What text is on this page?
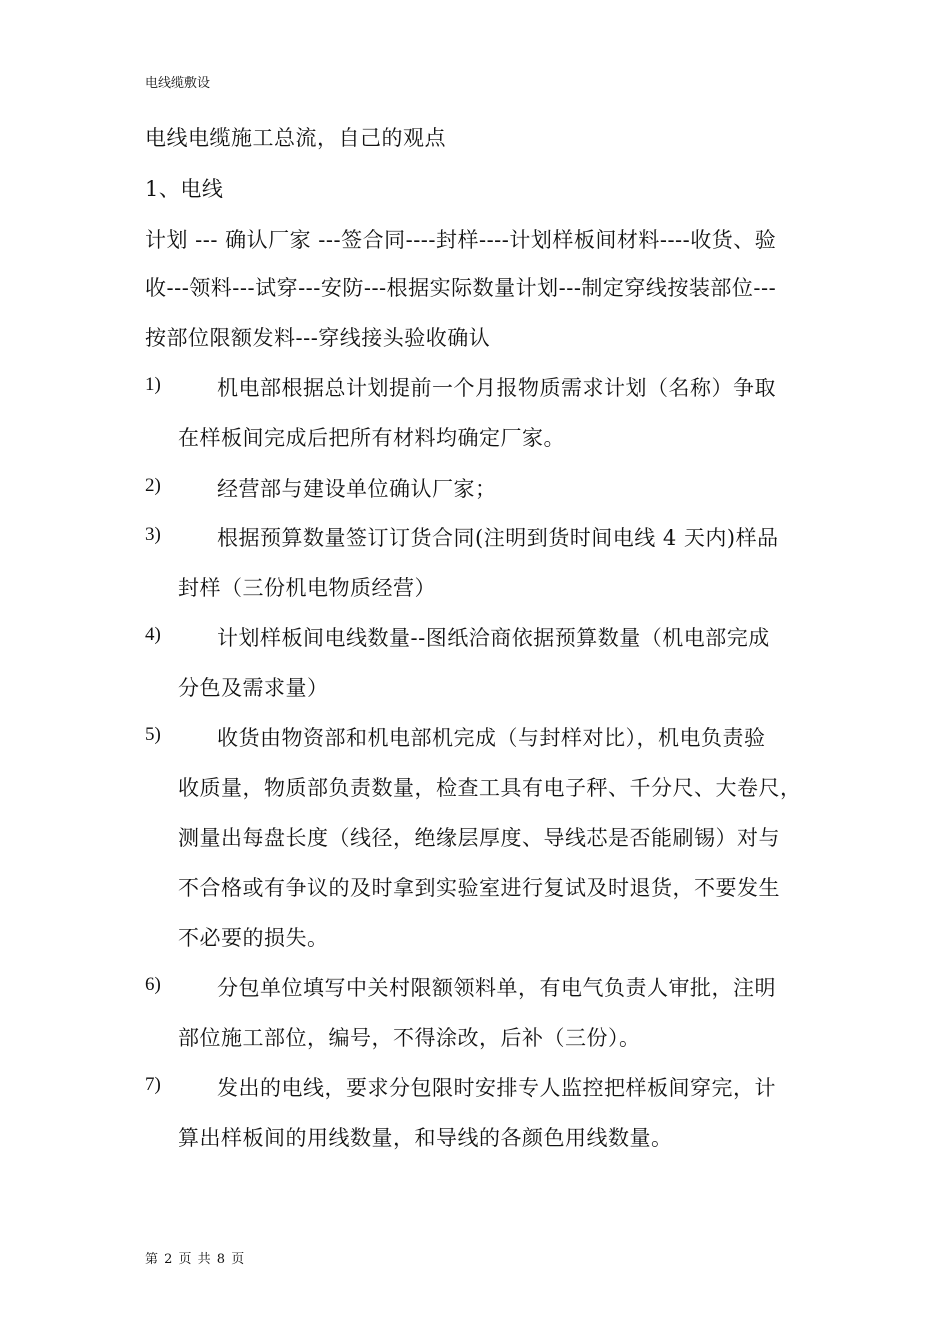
电线缆敷设
电线电缆施工总流，自己的观点
1、电线
计划 --- 确认厂家 ---签合同----封样----计划样板间材料----收货、验
收---领料---试穿---安防---根据实际数量计划---制定穿线按装部位---
按部位限额发料---穿线接头验收确认
1)	机电部根据总计划提前一个月报物质需求计划（名称）争取
在样板间完成后把所有材料均确定厂家。
2)	经营部与建设单位确认厂家；
3)	根据预算数量签订订货合同(注明到货时间电线 4 天内)样品
封样（三份机电物质经营）
4)	计划样板间电线数量--图纸洽商依据预算数量（机电部完成
分色及需求量）
5)	收货由物资部和机电部机完成（与封样对比），机电负责验
收质量，物质部负责数量，检查工具有电子秤、千分尺、大卷尺，
测量出每盘长度（线径，绝缘层厚度、导线芯是否能刷锡）对与
不合格或有争议的及时拿到实验室进行复试及时退货，不要发生
不必要的损失。
6)	分包单位填写中关村限额领料单，有电气负责人审批，注明
部位施工部位，编号，不得涂改，后补（三份）。
7)	发出的电线，要求分包限时安排专人监控把样板间穿完，计
算出样板间的用线数量，和导线的各颜色用线数量。
第 2 页 共 8 页
